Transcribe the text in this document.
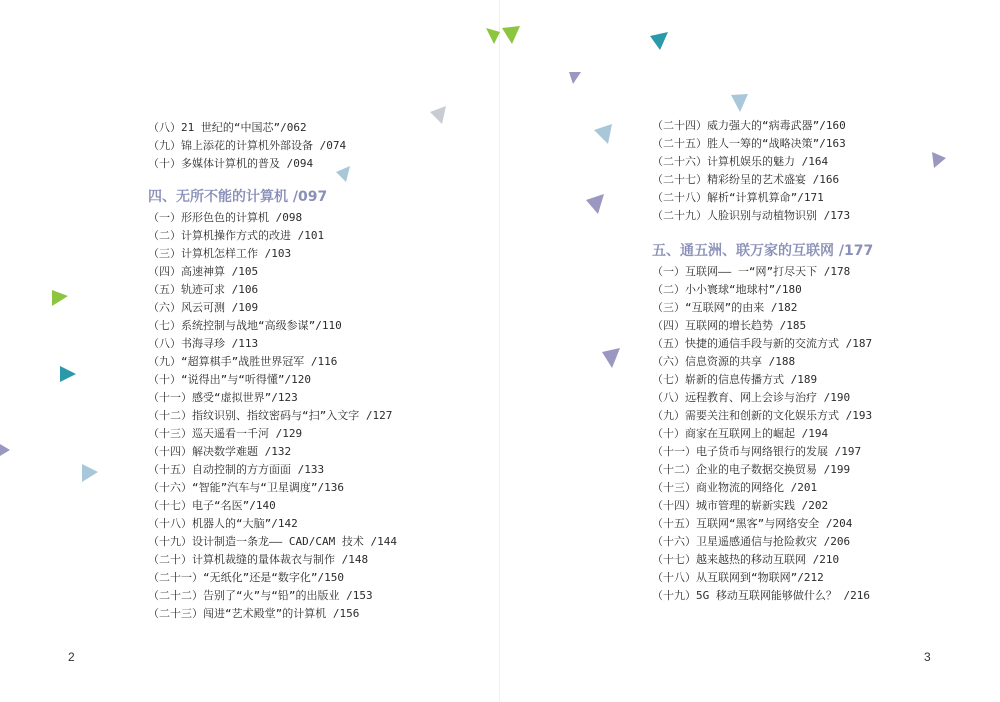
（八）21 世纪的“中国芯”/062
（九）锦上添花的计算机外部设备 /074
（十）多媒体计算机的普及 /094
四、无所不能的计算机 /097
（一）形形色色的计算机 /098
（二）计算机操作方式的改进 /101
（三）计算机怎样工作 /103
（四）高速神算 /105
（五）轨迹可求 /106
（六）风云可测 /109
（七）系统控制与战地“高级参谋”/110
（八）书海寻珍 /113
（九）“超算棋手”战胜世界冠军 /116
（十）“说得出”与“听得懂”/120
（十一）感受“虚拟世界”/123
（十二）指纹识别、指纹密码与“扫”入文字 /127
（十三）巡天遥看一千河 /129
（十四）解决数学难题 /132
（十五）自动控制的方方面面 /133
（十六）“智能”汽车与“卫星调度”/136
（十七）电子“名医”/140
（十八）机器人的“大脑”/142
（十九）设计制造一条龙—— CAD/CAM 技术 /144
（二十）计算机裁缝的量体裁衣与制作 /148
（二十一）“无纸化”还是“数字化”/150
（二十二）告别了“火”与“铅”的出版业 /153
（二十三）闯进“艺术殿堂”的计算机 /156
2
（二十四）威力强大的“病毒武器”/160
（二十五）胜人一筹的“战略决策”/163
（二十六）计算机娱乐的魅力 /164
（二十七）精彩纷呈的艺术盛宴 /166
（二十八）解析“计算机算命”/171
（二十九）人脸识别与动植物识别 /173
五、通五洲、联万家的互联网 /177
（一）互联网—— 一“网”打尽天下 /178
（二）小小寰球“地球村”/180
（三）“互联网”的由来 /182
（四）互联网的增长趋势 /185
（五）快捷的通信手段与新的交流方式 /187
（六）信息资源的共享 /188
（七）崭新的信息传播方式 /189
（八）远程教育、网上会诊与治疗 /190
（九）需要关注和创新的文化娱乐方式 /193
（十）商家在互联网上的崛起 /194
（十一）电子货币与网络银行的发展 /197
（十二）企业的电子数据交换贸易 /199
（十三）商业物流的网络化 /201
（十四）城市管理的崭新实践 /202
（十五）互联网“黑客”与网络安全 /204
（十六）卫星遥感通信与抢险救灾 /206
（十七）越来越热的移动互联网 /210
（十八）从互联网到“物联网”/212
（十九）5G 移动互联网能够做什么？ /216
3
